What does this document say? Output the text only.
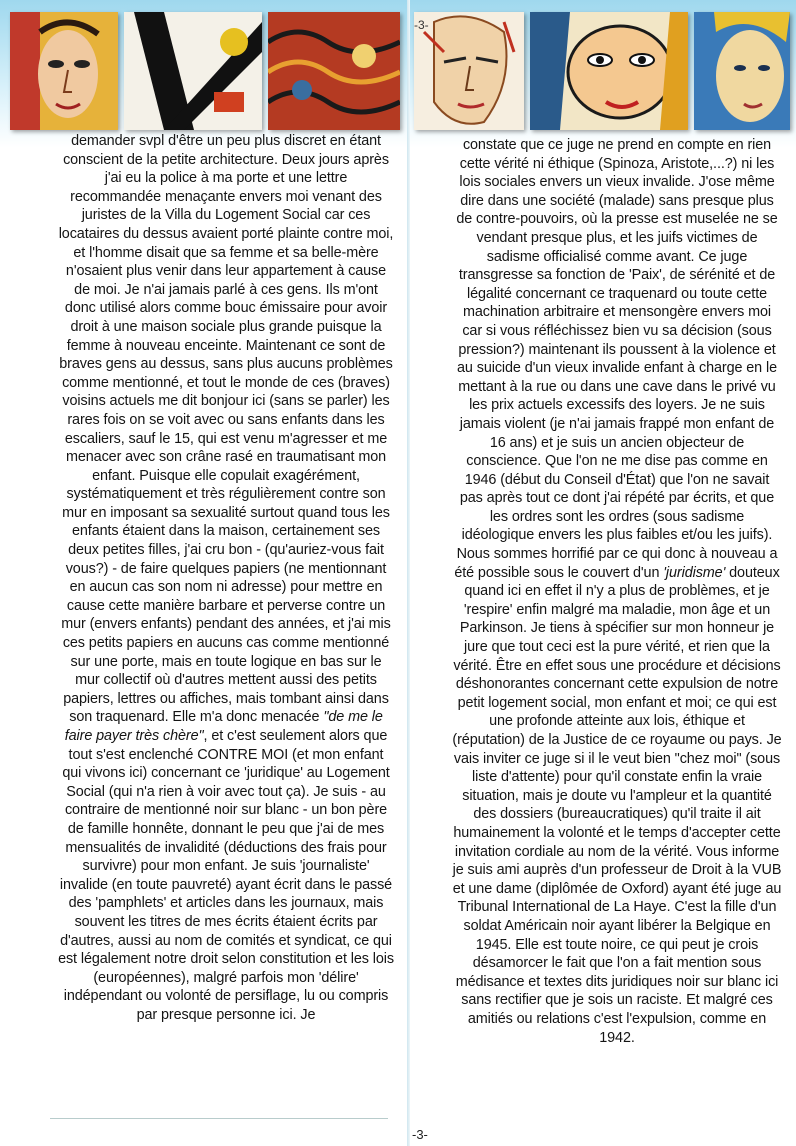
-3-

demander svpl d'être un peu plus discret en étant conscient de la petite architecture. Deux jours après j'ai eu la police à ma porte et une lettre recommandée menaçante envers moi venant des juristes de la Villa du Logement Social car ces locataires du dessus avaient porté plainte contre moi, et l'homme disait que sa femme et sa belle-mère n'osaient plus venir dans leur appartement à cause de moi. Je n'ai jamais parlé à ces gens. Ils m'ont donc utilisé alors comme bouc émissaire pour avoir droit à une maison sociale plus grande puisque la femme à nouveau enceinte. Maintenant ce sont de braves gens au dessus, sans plus aucuns problèmes comme mentionné, et tout le monde de ces (braves) voisins actuels me dit bonjour ici (sans se parler) les rares fois on se voit avec ou sans enfants dans les escaliers, sauf le 15, qui est venu m'agresser et me menacer avec son crâne rasé en traumatisant mon enfant. Puisque elle copulait exagérément, systématiquement et très régulièrement contre son mur en imposant sa sexualité surtout quand tous les enfants étaient dans la maison, certainement ses deux petites filles, j'ai cru bon - (qu'auriez-vous fait vous?) - de faire quelques papiers (ne mentionnant en aucun cas son nom ni adresse) pour mettre en cause cette manière barbare et perverse contre un mur (envers enfants) pendant des années, et j'ai mis ces petits papiers en aucuns cas comme mentionné sur une porte, mais en toute logique en bas sur le mur collectif où d'autres mettent aussi des petits papiers, lettres ou affiches, mais tombant ainsi dans son traquenard. Elle m'a donc menacée "de me le faire payer très chère", et c'est seulement alors que tout s'est enclenché CONTRE MOI (et mon enfant qui vivons ici) concernant ce 'juridique' au Logement Social (qui n'a rien à voir avec tout ça). Je suis - au contraire de mentionné noir sur blanc - un bon père de famille honnête, donnant le peu que j'ai de mes mensualités de invalidité (déductions des frais pour survivre) pour mon enfant. Je suis 'journaliste' invalide (en toute pauvreté) ayant écrit dans le passé des 'pamphlets' et articles dans les journaux, mais souvent les titres de mes écrits étaient écrits par d'autres, aussi au nom de comités et syndicat, ce qui est légalement notre droit selon constitution et les lois (européennes), malgré parfois mon 'délire' indépendant ou volonté de persiflage, lu ou compris par presque personne ici. Je

constate que ce juge ne prend en compte en rien cette vérité ni éthique (Spinoza, Aristote,...?) ni les lois sociales envers un vieux invalide. J'ose même dire dans une société (malade) sans presque plus de contre-pouvoirs, où la presse est muselée ne se vendant presque plus, et les juifs victimes de sadisme officialisé comme avant. Ce juge transgresse sa fonction de 'Paix', de sérénité et de légalité concernant ce traquenard ou toute cette machination arbitraire et mensongère envers moi car si vous réfléchissez bien vu sa décision (sous pression?) maintenant ils poussent à la violence et au suicide d'un vieux invalide enfant à charge en le mettant à la rue ou dans une cave dans le privé vu les prix actuels excessifs des loyers. Je ne suis jamais violent (je n'ai jamais frappé mon enfant de 16 ans) et je suis un ancien objecteur de conscience. Que l'on ne me dise pas comme en 1946 (début du Conseil d'État) que l'on ne savait pas après tout ce dont j'ai répété par écrits, et que les ordres sont les ordres (sous sadisme idéologique envers les plus faibles et/ou les juifs). Nous sommes horrifié par ce qui donc à nouveau a été possible sous le couvert d'un 'juridisme' douteux quand ici en effet il n'y a plus de problèmes, et je 'respire' enfin malgré ma maladie, mon âge et un Parkinson. Je tiens à spécifier sur mon honneur je jure que tout ceci est la pure vérité, et rien que la vérité. Être en effet sous une procédure et décisions déshonorantes concernant cette expulsion de notre petit logement social, mon enfant et moi; ce qui est une profonde atteinte aux lois, éthique et (réputation) de la Justice de ce royaume ou pays. Je vais inviter ce juge si il le veut bien "chez moi" (sous liste d'attente) pour qu'il constate enfin la vraie situation, mais je doute vu l'ampleur et la quantité des dossiers (bureaucratiques) qu'il traite il ait humainement la volonté et le temps d'accepter cette invitation cordiale au nom de la vérité. Vous informe je suis ami auprès d'un professeur de Droit à la VUB et une dame (diplômée de Oxford) ayant été juge au Tribunal International de La Haye. C'est la fille d'un soldat Américain noir ayant libérer la Belgique en 1945. Elle est toute noire, ce qui peut je crois désamorcer le fait que l'on a fait mention sous médisance et textes dits juridiques noir sur blanc ici sans rectifier que je sois un raciste. Et malgré ces amitiés ou relations c'est l'expulsion, comme en 1942.

-3-
